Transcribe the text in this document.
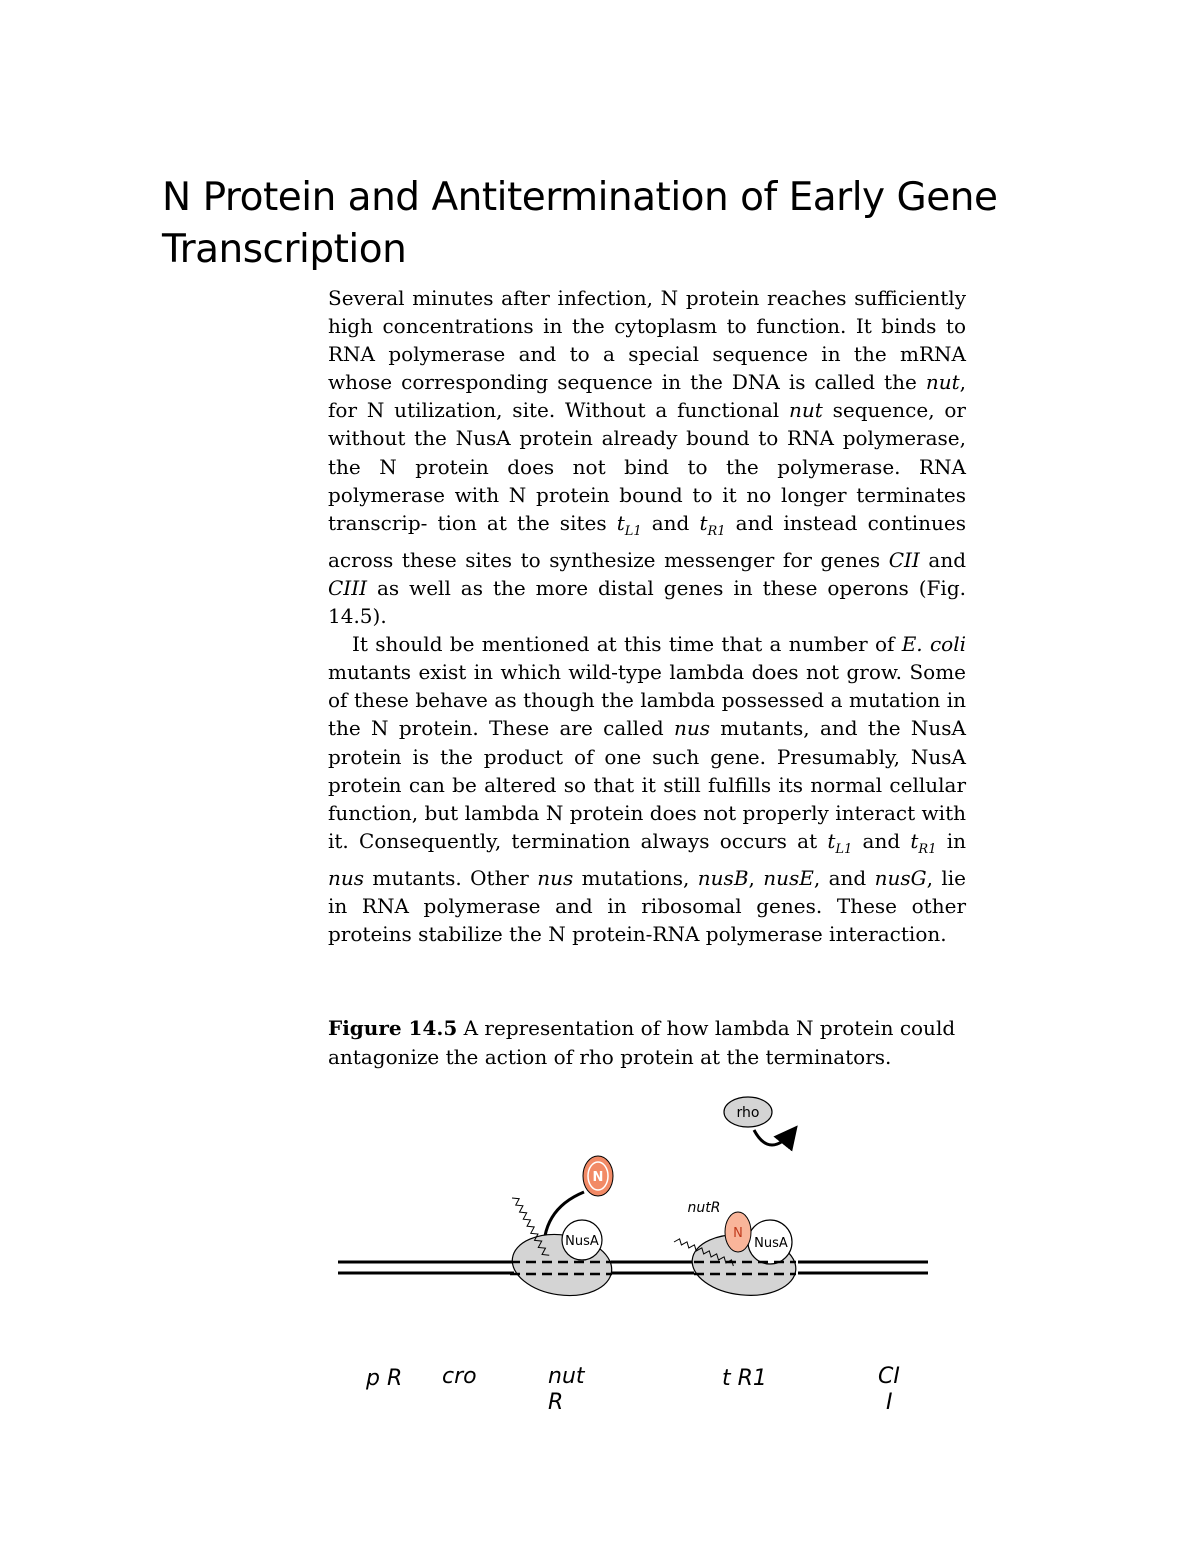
N Protein and Antitermination of Early Gene Transcription

Several minutes after infection, N protein reaches sufficiently high concentrations in the cytoplasm to function. It binds to RNA polymerase and to a special sequence in the mRNA whose corresponding sequence in the DNA is called the nut, for N utilization, site. Without a functional nut sequence, or without the NusA protein already bound to RNA polymerase, the N protein does not bind to the polymerase. RNA polymerase with N protein bound to it no longer terminates transcrip- tion at the sites $t_{L1}$ and $t_{R1}$ and instead continues across these sites to synthesize messenger for genes CII and CIII as well as the more distal genes in these operons (Fig. 14.5).

It should be mentioned at this time that a number of E. coli mutants exist in which wild-type lambda does not grow. Some of these behave as though the lambda possessed a mutation in the N protein. These are called nus mutants, and the NusA protein is the product of one such gene. Presumably, NusA protein can be altered so that it still fulfills its normal cellular function, but lambda N protein does not properly interact with it. Consequently, termination always occurs at $t_{L1}$ and $t_{R1}$ in nus mutants. Other nus mutations, nusB, nusE, and nusG, lie in RNA polymerase and in ribosomal genes. These other proteins stabilize the N protein-RNA polymerase interaction.

Figure 14.5 A representation of how lambda N protein could antagonize the action of rho protein at the terminators.
rho
N
NusA	NusA
N
nutR
p R cro	nut
R
t R1	CI
I
